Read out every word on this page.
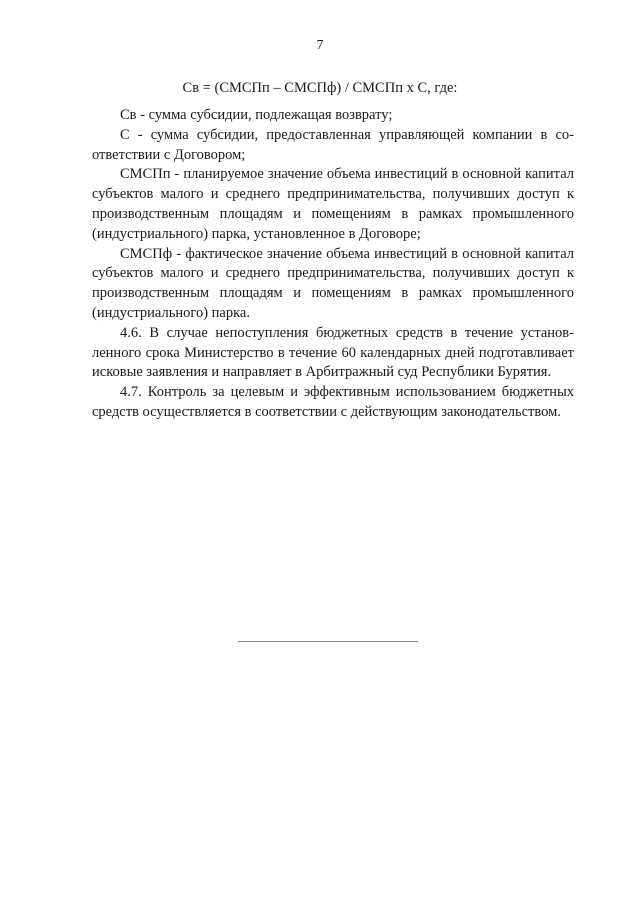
7
Св = (СМСПп – СМСПф) / СМСПп х С, где:

Св - сумма субсидии, подлежащая возврату;

С - сумма субсидии, предоставленная управляющей компании в соответствии с Договором;

СМСПп - планируемое значение объема инвестиций в основной капитал субъектов малого и среднего предпринимательства, получивших доступ к производственным площадям и помещениям в рамках промышленного (индустриального) парка, установленное в Договоре;

СМСПф - фактическое значение объема инвестиций в основной капитал субъектов малого и среднего предпринимательства, получивших доступ к производственным площадям и помещениям в рамках промышленного (индустриального) парка.

4.6. В случае непоступления бюджетных средств в течение установленного срока Министерство в течение 60 календарных дней подготавливает исковые заявления и направляет в Арбитражный суд Республики Бурятия.

4.7. Контроль за целевым и эффективным использованием бюджетных средств осуществляется в соответствии с действующим законодательством.
